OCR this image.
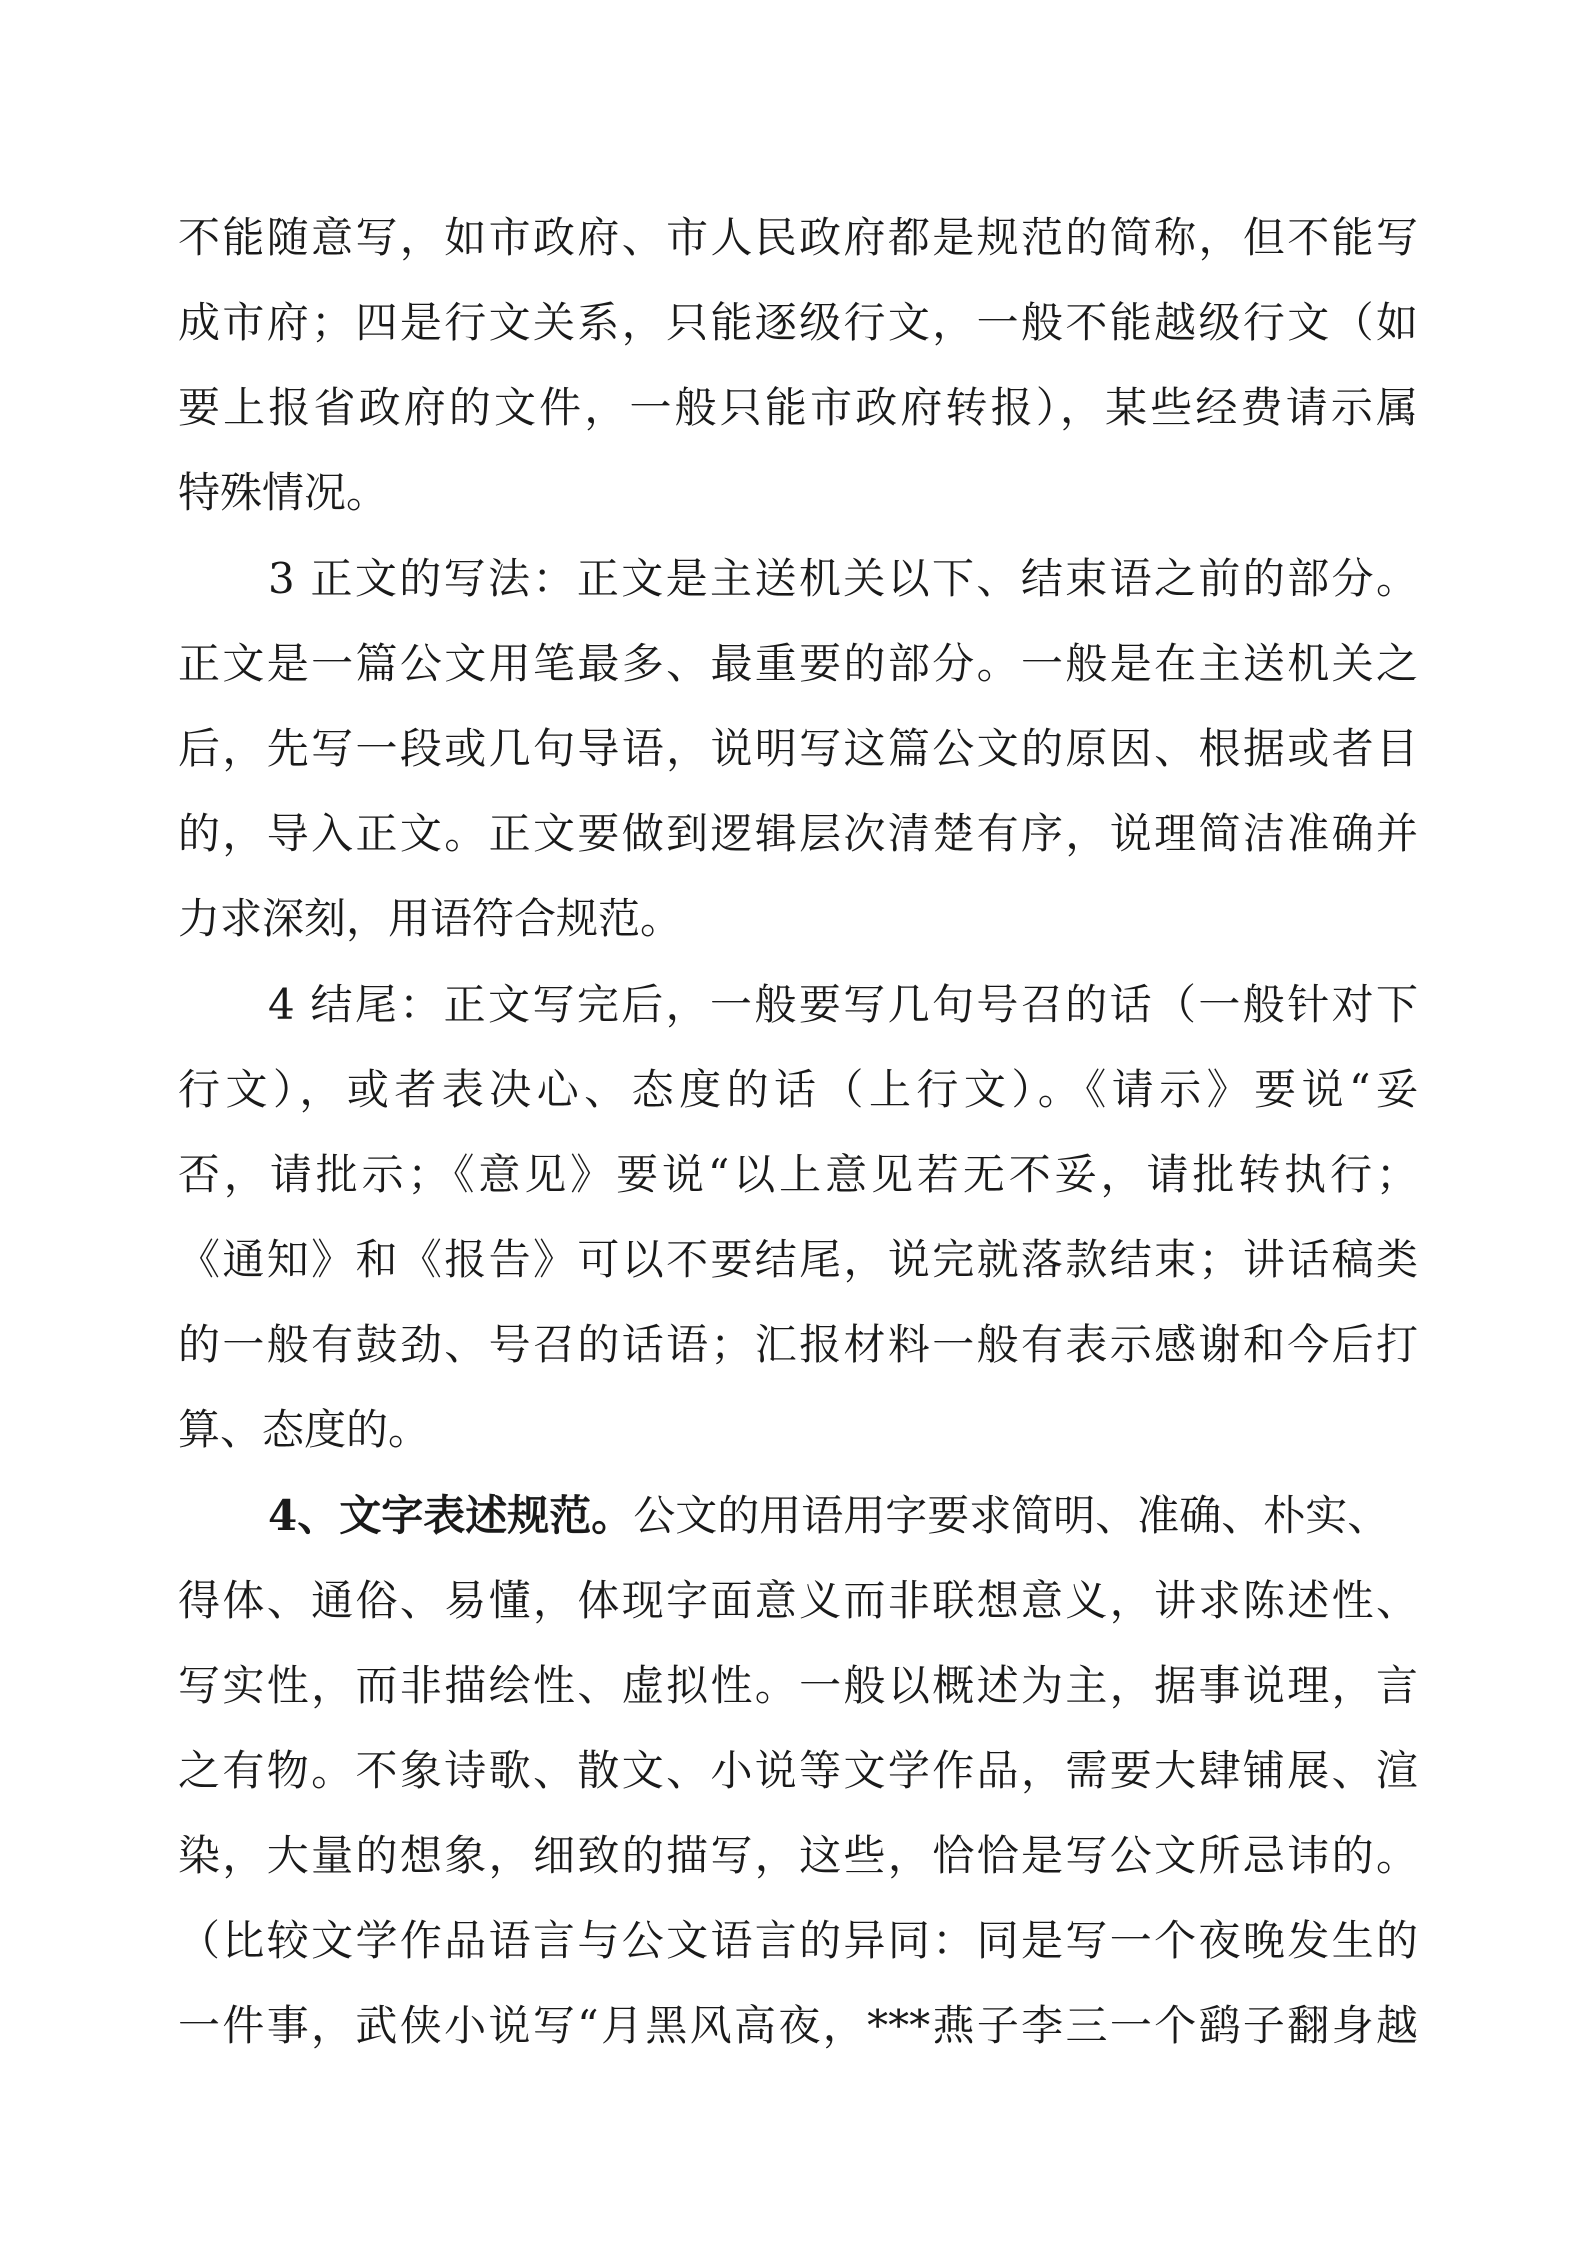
不能随意写，如市政府、市人民政府都是规范的简称，但不能写
成市府；四是行文关系，只能逐级行文，一般不能越级行文（如
要上报省政府的文件，一般只能市政府转报），某些经费请示属
特殊情况。
3 正文的写法：正文是主送机关以下、结束语之前的部分。
正文是一篇公文用笔最多、最重要的部分。一般是在主送机关之
后，先写一段或几句导语，说明写这篇公文的原因、根据或者目
的，导入正文。正文要做到逻辑层次清楚有序，说理简洁准确并
力求深刻，用语符合规范。
4 结尾：正文写完后，一般要写几句号召的话（一般针对下
行文），或者表决心、态度的话（上行文）。《请示》要说“妥
否，请批示；《意见》要说“以上意见若无不妥，请批转执行；
《通知》和《报告》可以不要结尾，说完就落款结束；讲话稿类
的一般有鼓劲、号召的话语；汇报材料一般有表示感谢和今后打
算、态度的。
4、文字表述规范。公文的用语用字要求简明、准确、朴实、
得体、通俗、易懂，体现字面意义而非联想意义，讲求陈述性、
写实性，而非描绘性、虚拟性。一般以概述为主，据事说理，言
之有物。不象诗歌、散文、小说等文学作品，需要大肆铺展、渲
染，大量的想象，细致的描写，这些，恰恰是写公文所忌讳的。
（比较文学作品语言与公文语言的异同：同是写一个夜晚发生的
一件事，武侠小说写“月黑风高夜，***燕子李三一个鹞子翻身越
